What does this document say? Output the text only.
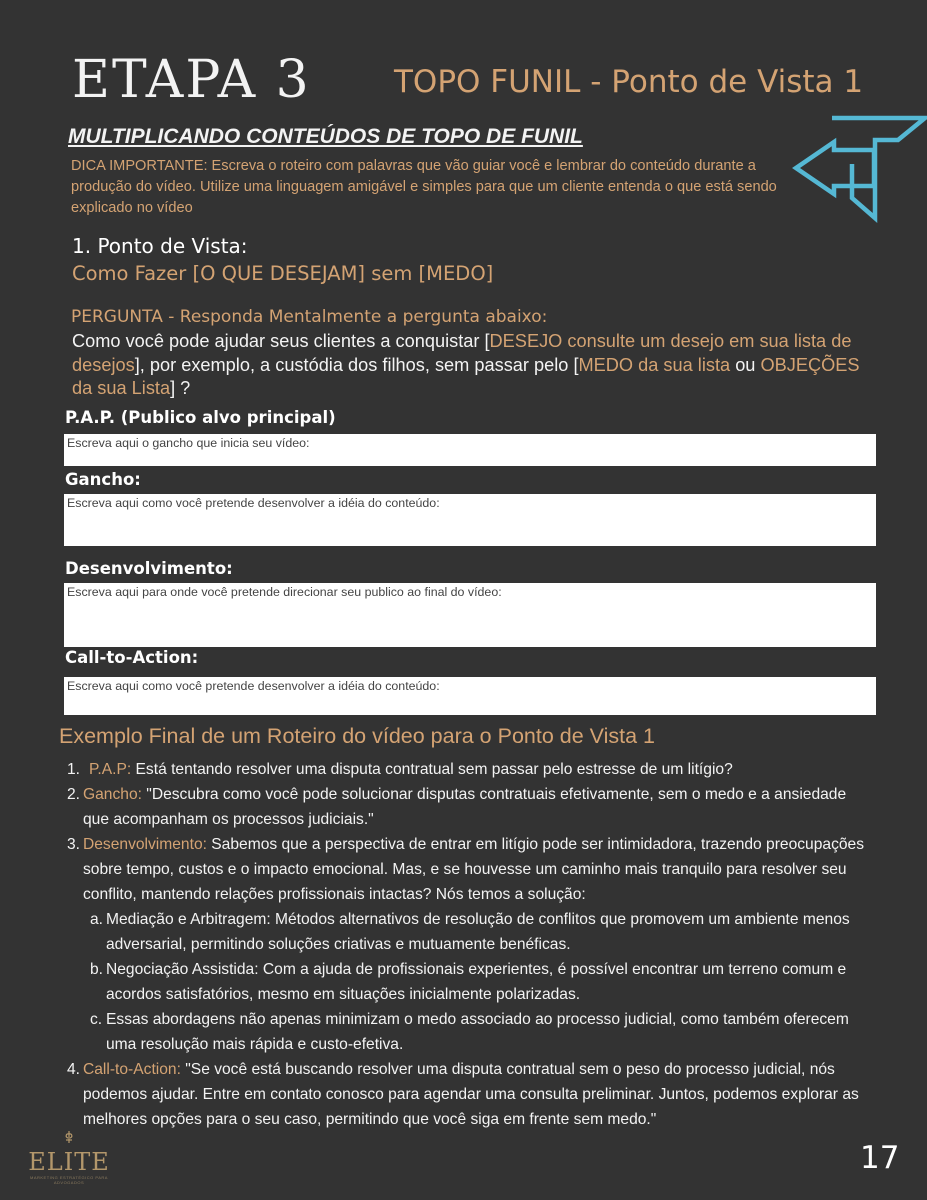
ETAPA 3	TOPO FUNIL - Ponto de Vista 1
MULTIPLICANDO CONTEÚDOS DE TOPO DE FUNIL
DICA IMPORTANTE: Escreva o roteiro com palavras que vão guiar você e lembrar do conteúdo durante a produção do vídeo. Utilize uma linguagem amigável e simples para que um cliente entenda o que está sendo explicado no vídeo
1. Ponto de Vista:
Como Fazer [O QUE DESEJAM] sem [MEDO]
PERGUNTA - Responda Mentalmente a pergunta abaixo:
Como você pode ajudar seus clientes a conquistar [DESEJO consulte um desejo em sua lista de desejos], por exemplo, a custódia dos filhos, sem passar pelo [MEDO da sua lista ou OBJEÇÕES da sua Lista] ?
P.A.P. (Publico alvo principal)
Escreva aqui o gancho que inicia seu vídeo:
Gancho:
Escreva aqui como você pretende desenvolver a idéia do conteúdo:
Desenvolvimento:
Escreva aqui para onde você pretende direcionar seu publico ao final do vídeo:
Call-to-Action:
Escreva aqui como você pretende desenvolver a idéia do conteúdo:
Exemplo Final de um Roteiro do vídeo para o Ponto de Vista 1
1. P.A.P: Está tentando resolver uma disputa contratual sem passar pelo estresse de um litígio?
2. Gancho: "Descubra como você pode solucionar disputas contratuais efetivamente, sem o medo e a ansiedade que acompanham os processos judiciais."
3. Desenvolvimento: Sabemos que a perspectiva de entrar em litígio pode ser intimidadora, trazendo preocupações sobre tempo, custos e o impacto emocional. Mas, e se houvesse um caminho mais tranquilo para resolver seu conflito, mantendo relações profissionais intactas? Nós temos a solução:
a. Mediação e Arbitragem: Métodos alternativos de resolução de conflitos que promovem um ambiente menos adversarial, permitindo soluções criativas e mutuamente benéficas.
b. Negociação Assistida: Com a ajuda de profissionais experientes, é possível encontrar um terreno comum e acordos satisfatórios, mesmo em situações inicialmente polarizadas.
c. Essas abordagens não apenas minimizam o medo associado ao processo judicial, como também oferecem uma resolução mais rápida e custo-efetiva.
4. Call-to-Action: "Se você está buscando resolver uma disputa contratual sem o peso do processo judicial, nós podemos ajudar. Entre em contato conosco para agendar uma consulta preliminar. Juntos, podemos explorar as melhores opções para o seu caso, permitindo que você siga em frente sem medo."
ELITE
MARKETING ESTRATÉGICO PARA ADVOGADOS
17
